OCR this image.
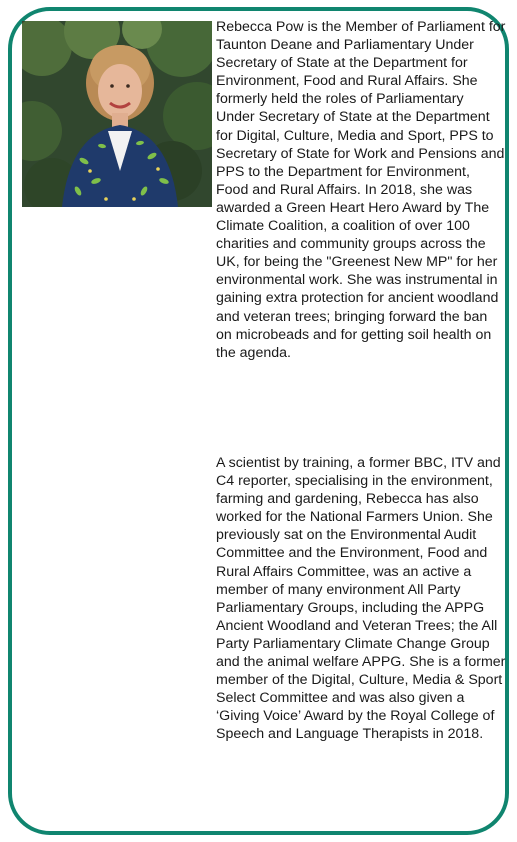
Rebecca Pow is the Member of Parliament for Taunton Deane and Parliamentary Under Secretary of State at the Department for Environment, Food and Rural Affairs. She formerly held the roles of Parliamentary Under Secretary of State at the Department for Digital, Culture, Media and Sport, PPS to Secretary of State for Work and Pensions and PPS to the Department for Environment, Food and Rural Affairs. In 2018, she was awarded a Green Heart Hero Award by The Climate Coalition, a coalition of over 100 charities and community groups across the UK, for being the "Greenest New MP" for her environmental work. She was instrumental in gaining extra protection for ancient woodland and veteran trees; bringing forward the ban on microbeads and for getting soil health on the agenda.

A scientist by training, a former BBC, ITV and C4 reporter, specialising in the environment, farming and gardening, Rebecca has also worked for the National Farmers Union. She previously sat on the Environmental Audit Committee and the Environment, Food and Rural Affairs Committee, was an active a member of many environment All Party Parliamentary Groups, including the APPG Ancient Woodland and Veteran Trees; the All Party Parliamentary Climate Change Group and the animal welfare APPG. She is a former member of the Digital, Culture, Media & Sport Select Committee and was also given a ‘Giving Voice’ Award by the Royal College of Speech and Language Therapists in 2018.
